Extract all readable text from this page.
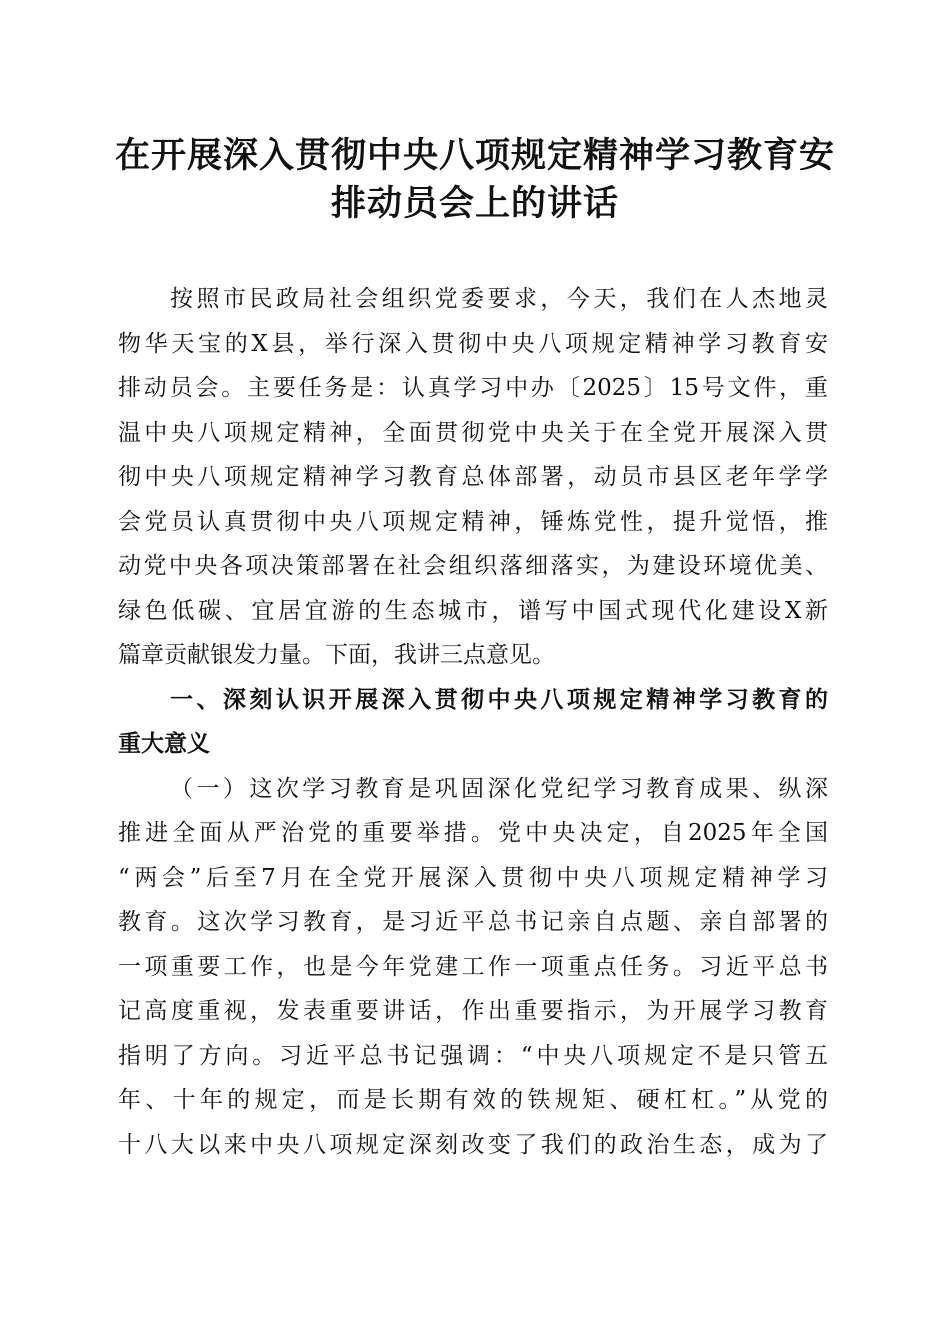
在开展深入贯彻中央八项规定精神学习教育安
排动员会上的讲话
按照市民政局社会组织党委要求，今天，我们在人杰地灵
物华天宝的X县，举行深入贯彻中央八项规定精神学习教育安
排动员会。主要任务是：认真学习中办〔2025〕15号文件，重
温中央八项规定精神，全面贯彻党中央关于在全党开展深入贯
彻中央八项规定精神学习教育总体部署，动员市县区老年学学
会党员认真贯彻中央八项规定精神，锤炼党性，提升觉悟，推
动党中央各项决策部署在社会组织落细落实，为建设环境优美、
绿色低碳、宜居宜游的生态城市，谱写中国式现代化建设X新
篇章贡献银发力量。下面，我讲三点意见。
一、深刻认识开展深入贯彻中央八项规定精神学习教育的
重大意义
（一）这次学习教育是巩固深化党纪学习教育成果、纵深
推进全面从严治党的重要举措。党中央决定，自2025年全国
“两会”后至7月在全党开展深入贯彻中央八项规定精神学习
教育。这次学习教育，是习近平总书记亲自点题、亲自部署的
一项重要工作，也是今年党建工作一项重点任务。习近平总书
记高度重视，发表重要讲话，作出重要指示，为开展学习教育
指明了方向。习近平总书记强调：“中央八项规定不是只管五
年、十年的规定，而是长期有效的铁规矩、硬杠杠。”从党的
十八大以来中央八项规定深刻改变了我们的政治生态，成为了
